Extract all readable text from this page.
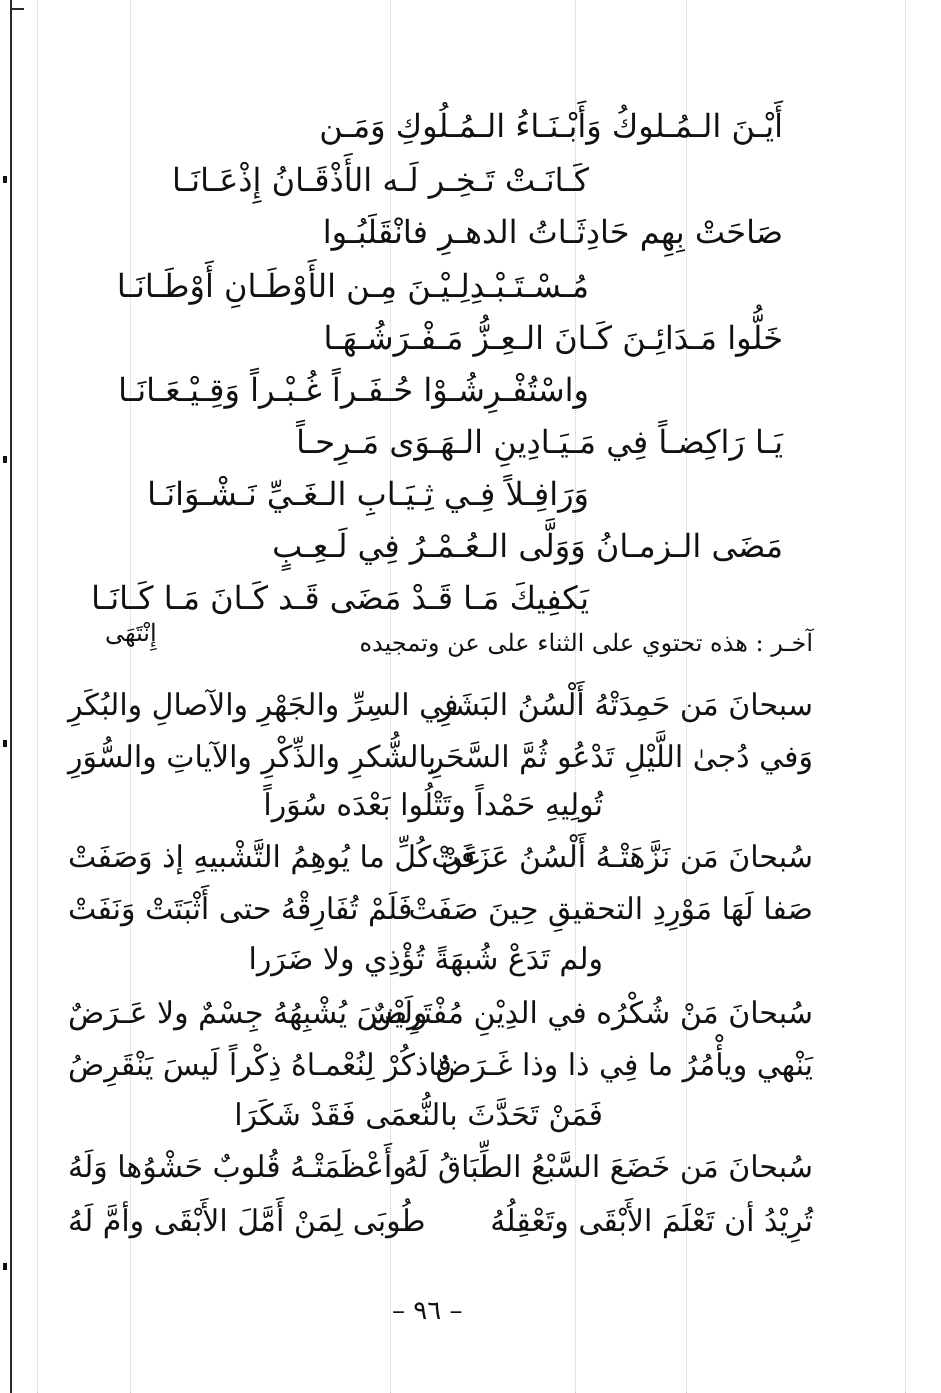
أَيْـنَ الـمُـلوكُ وَأَبْـنَـاءُ الـمُـلُوكِ وَمَـن
كَـانَـتْ تَـخِـر لَـه الأَذْقَـانُ إِذْعَـانَـا
صَاحَتْ بِهِم حَادِثَـاتُ الدهـرِ فانْقَلَبُـوا
مُـسْـتَـبْـدِلِـيْـنَ مِـن الأَوْطَـانِ أَوْطَـانَـا
خَلُّوا مَـدَائِـنَ كَـانَ الـعِـزُّ مَـفْـرَشُـهَـا
واسْتُفْـرِشُـوْا حُـفَـراً غُـبْـراً وَقِـيْـعَـانَـا
يَـا رَاكِضـاً فِي مَـيَـادِينِ الـهَـوَى مَـرِحـاً
وَرَافِـلاً فِـي ثِـيَـابِ الـغَـيِّ نَـشْـوَانَـا
مَضَى الـزمـانُ وَوَلَّى الـعُـمْـرُ فِي لَـعِـبٍ
يَكفِيكَ مَـا قَـدْ مَضَى قَـد كَـانَ مَـا كَـانَـا
إِنْتَهَى	آخـر : هذه تحتوي على الثناء على عن وتمجيده
سبحانَ مَن حَمِدَتْهُ أَلْسُنُ البَشَرِ
في السِرِّ والجَهْرِ والآصالِ والبُكَرِ
وَفي دُجىٰ اللَّيْلِ تَدْعُو ثُمَّ السَّحَرِ
بالشُّكرِ والذِّكْرِ والآياتِ والسُّوَرِ
تُولِيهِ حَمْداً وتَتْلُوا بَعْدَه سُوَراً
سُبحانَ مَن نَزَّهَتْـهُ أَلْسُنُ عَزَفَتْ
عَنْ كُلِّ ما يُوهِمُ التَّشْبيهِ إذ وَصَفَتْ
صَفا لَهَا مَوْرِدِ التحقيقِ حِينَ صَفَتْ
فَلَمْ تُفَارِقْهُ حتى أَثْبَتَتْ وَنَفَتْ
ولم تَدَعْ شُبهَةً تُؤْذِي ولا ضَرَرا
سُبحانَ مَنْ شُكْرُه في الدِيْنِ مُفْتَرِضٌ
ولَيْسَ يُشْبِهُهُ جِسْمٌ ولا عَـرَضٌ
يَنْهي ويأْمُرُ ما فِي ذا وذا غَـرَضٌ
فاذكُرْ لِنُعْمـاهُ ذِكْراً لَيسَ يَنْقَرِضُ
فَمَنْ تَحَدَّثَ بالنُّعمَى فَقَدْ شَكَرَا
سُبحانَ مَن خَضَعَ السَّبْعُ الطِّبَاقُ لَهُ
وأَعْظَمَتْـهُ قُلوبٌ حَشْوُها وَلَهُ
تُرِيْدُ أن تَعْلَمَ الأَبْقَى وتَعْقِلُهُ
طُوبَى لِمَنْ أَمَّلَ الأَبْقَى وأمَّ لَهُ
– ٩٦ –
